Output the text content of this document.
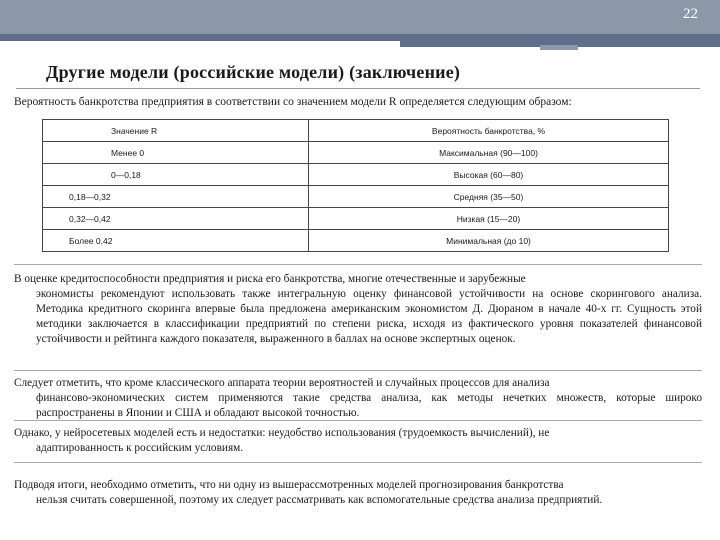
22
Другие модели (российские модели) (заключение)
Вероятность банкротства предприятия в соответствии со значением модели R определяется следующим образом:
Значение R	Вероятность банкротства, %
Менее 0	Максимальная (90—100)
0—0,18	Высокая (60—80)
0,18—0,32	Средняя (35—50)
0,32—0,42	Низкая (15—20)
Более 0,42	Минимальная (до 10)
В оценке кредитоспособности предприятия и риска его банкротства, многие отечественные и зарубежные
экономисты рекомендуют использовать также интегральную оценку финансовой устойчивости на основе скорингового анализа. Методика кредитного скоринга впервые была предложена американским экономистом Д. Дюраном в начале 40-х гг. Сущность этой методики заключается в классификации предприятий по степени риска, исходя из фактического уровня показателей финансовой устойчивости и рейтинга каждого показателя, выраженного в баллах на основе экспертных оценок.
Следует отметить, что кроме классического аппарата теории вероятностей и случайных процессов для анализа
финансово-экономических систем применяются такие средства анализа, как методы нечетких множеств, которые широко распространены в Японии и США и обладают высокой точностью.
Однако, у нейросетевых моделей есть и недостатки: неудобство использования (трудоемкость вычислений), не
адаптированность к российским условиям.
Подводя итоги, необходимо отметить, что ни одну из вышерассмотренных моделей прогнозирования банкротства
нельзя считать совершенной, поэтому их следует рассматривать как вспомогательные средства анализа предприятий.
